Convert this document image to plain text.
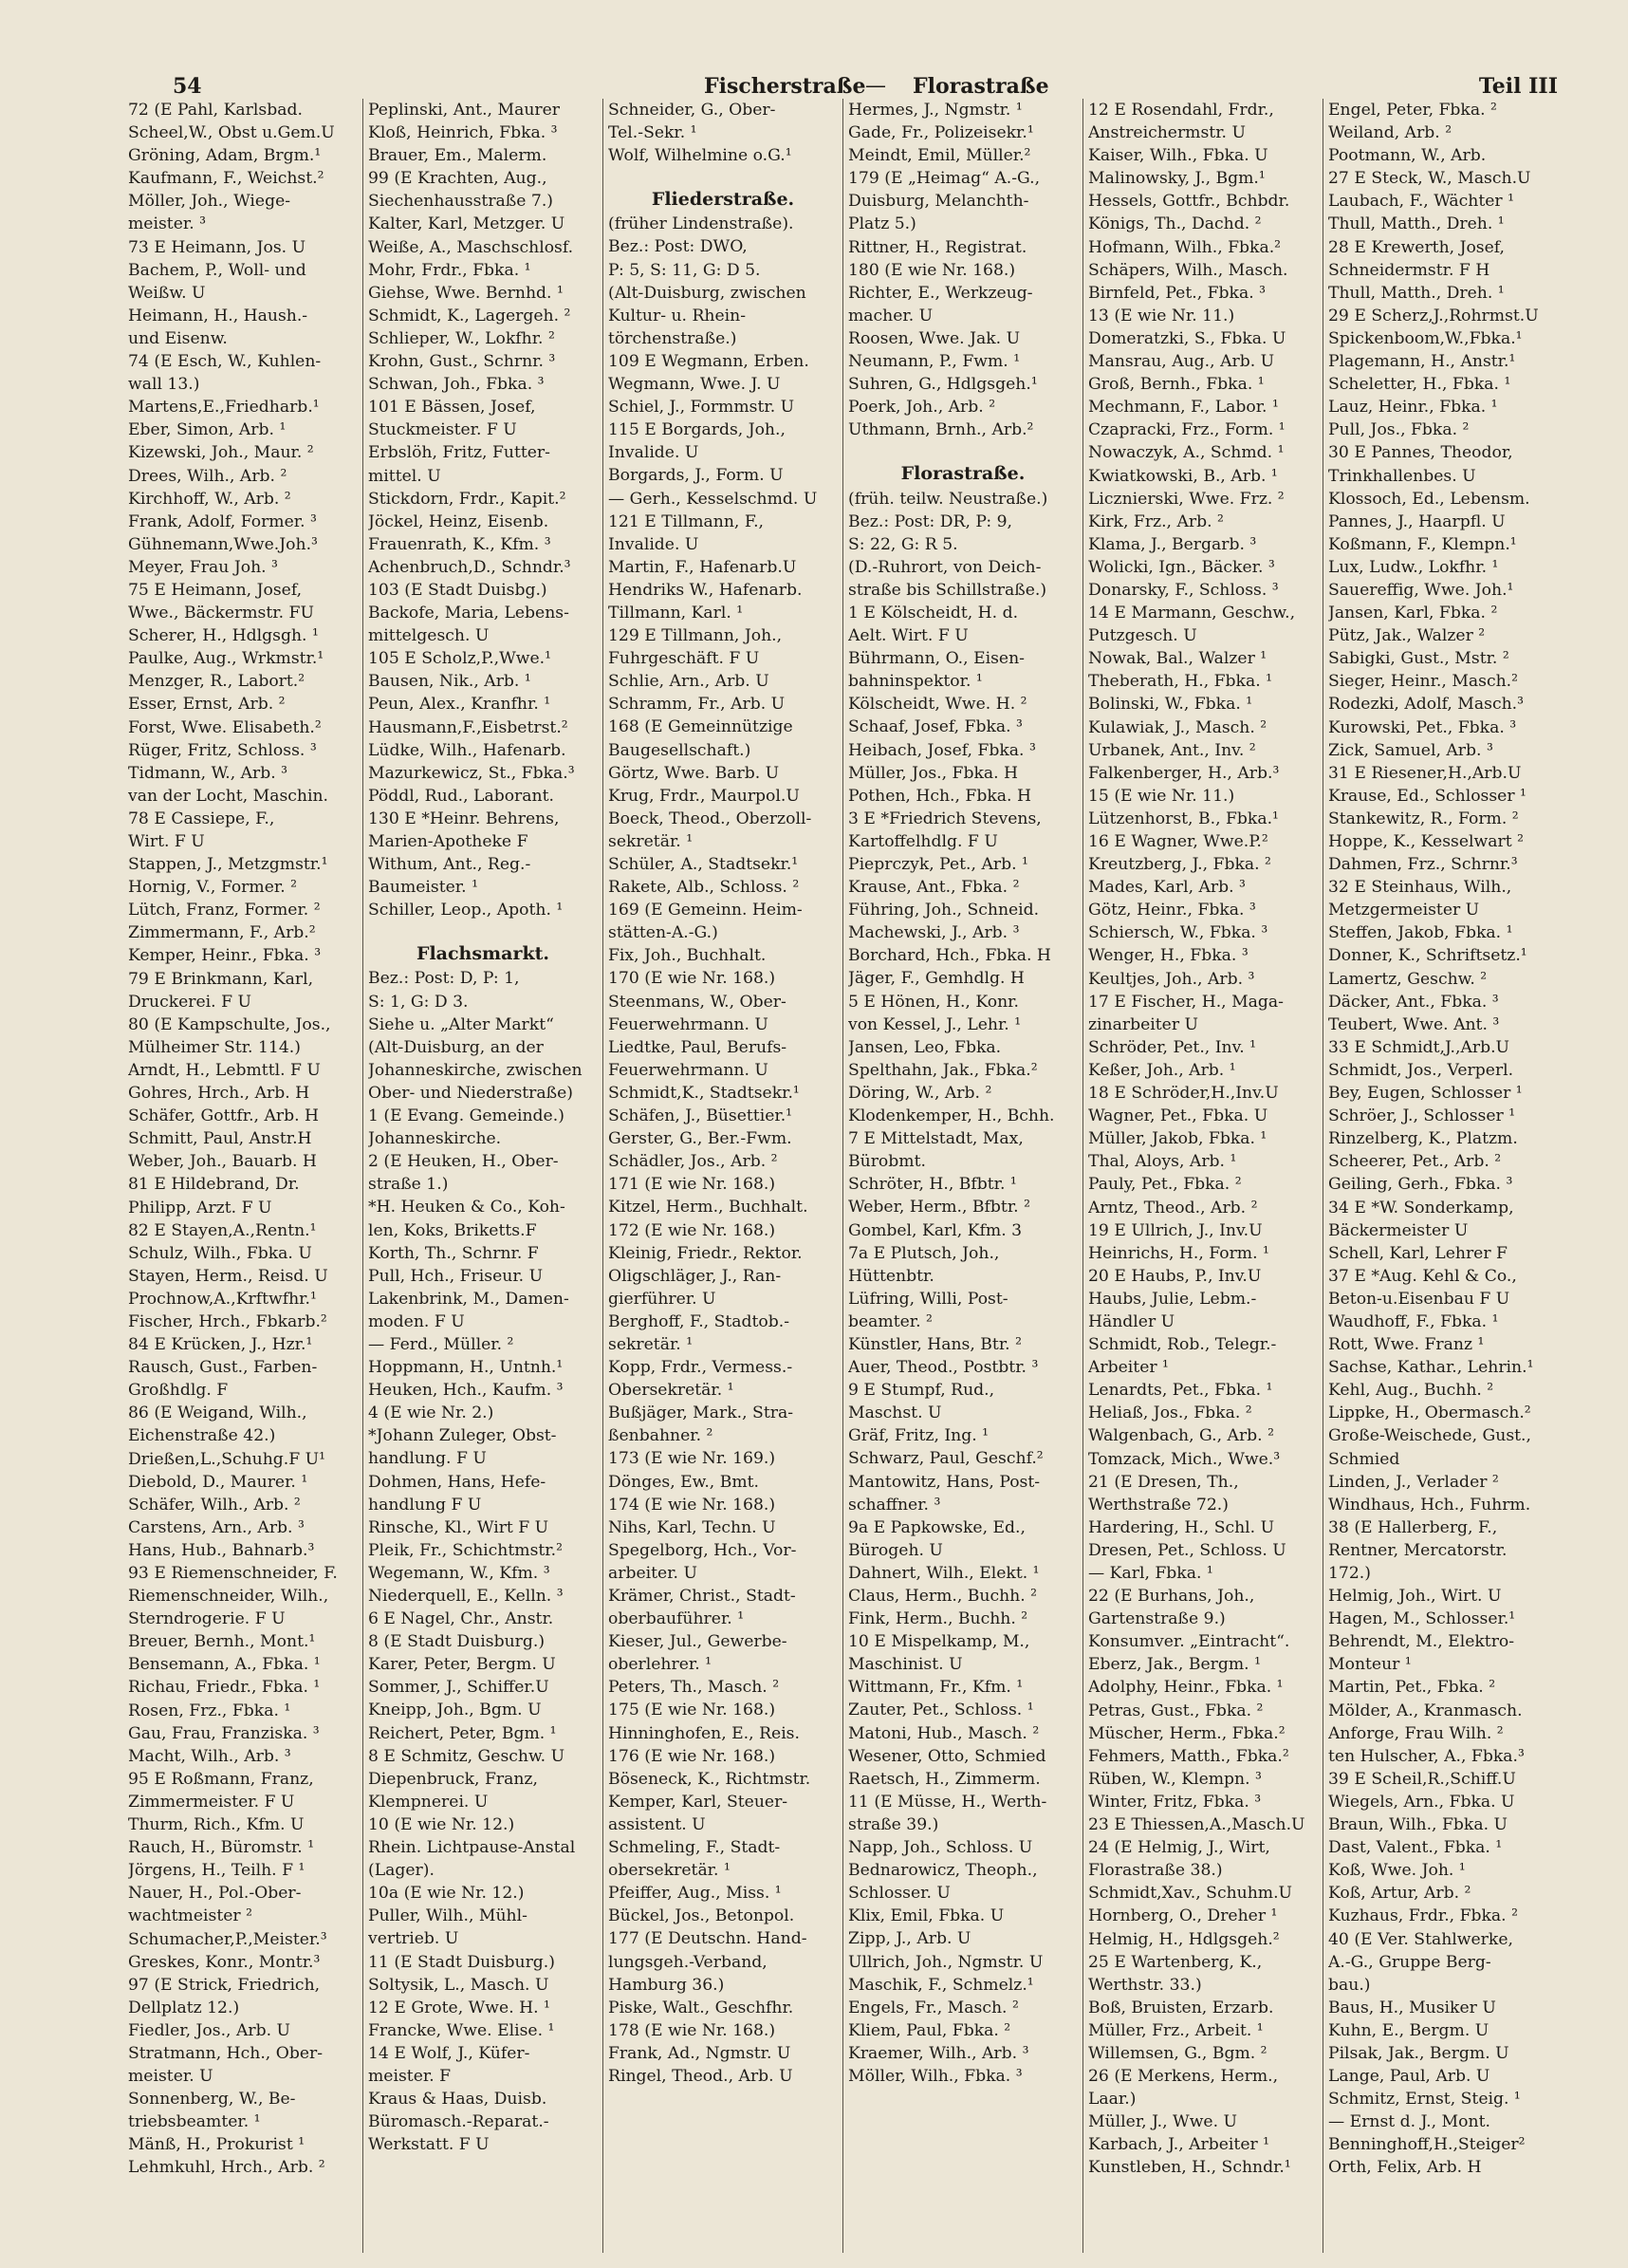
54	Fischerstraße — Florastraße	Teil III
72 (E Pahl, Karlsbad.
Scheel,W., Obst u.Gem.U
Gröning, Adam, Brgm.¹
Kaufmann, F., Weichst.²
Möller, Joh., Wiege-
meister. ³
73 E Heimann, Jos. U
Bachem, P., Woll- und
Weißw. U
Heimann, H., Haush.-
und Eisenw.
74 (E Esch, W., Kuhlen-
wall 13.)
Martens,E.,Friedharb.¹
Eber, Simon, Arb. ¹
Kizewski, Joh., Maur. ²
Drees, Wilh., Arb. ²
Kirchhoff, W., Arb. ²
Frank, Adolf, Former. ³
Gühnemann,Wwe.Joh.³
Meyer, Frau Joh. ³
75 E Heimann, Josef,
Wwe., Bäckermstr. FU
Scherer, H., Hdlgsgh. ¹
Paulke, Aug., Wrkmstr.¹
Menzger, R., Labort.²
Esser, Ernst, Arb. ²
Forst, Wwe. Elisabeth.²
Rüger, Fritz, Schloss. ³
Tidmann, W., Arb. ³
van der Locht, Maschin.
78 E Cassiepe, F.,
Wirt. F U
Stappen, J., Metzgmstr.¹
Hornig, V., Former. ²
Lütch, Franz, Former. ²
Zimmermann, F., Arb.²
Kemper, Heinr., Fbka. ³
79 E Brinkmann, Karl,
Druckerei. F U
80 (E Kampschulte, Jos.,
Mülheimer Str. 114.)
Arndt, H., Lebmttl. F U
Gohres, Hrch., Arb. H
Schäfer, Gottfr., Arb. H
Schmitt, Paul, Anstr.H
Weber, Joh., Bauarb. H
81 E Hildebrand, Dr.
Philipp, Arzt. F U
82 E Stayen,A.,Rentn.¹
Schulz, Wilh., Fbka. U
Stayen, Herm., Reisd. U
Prochnow,A.,Krftwfhr.¹
Fischer, Hrch., Fbkarb.²
84 E Krücken, J., Hzr.¹
Rausch, Gust., Farben-
Großhdlg. F
86 (E Weigand, Wilh.,
Eichenstraße 42.)
Drießen,L.,Schuhg.F U¹
Diebold, D., Maurer. ¹
Schäfer, Wilh., Arb. ²
Carstens, Arn., Arb. ³
Hans, Hub., Bahnarb.³
93 E Riemenschneider, F.
Riemenschneider, Wilh.,
Sterndrogerie. F U
Breuer, Bernh., Mont.¹
Bensemann, A., Fbka. ¹
Richau, Friedr., Fbka. ¹
Rosen, Frz., Fbka. ¹
Gau, Frau, Franziska. ³
Macht, Wilh., Arb. ³
95 E Roßmann, Franz,
Zimmermeister. F U
Thurm, Rich., Kfm. U
Rauch, H., Büromstr. ¹
Jörgens, H., Teilh. F ¹
Nauer, H., Pol.-Ober-
wachtmeister ²
Schumacher,P.,Meister.³
Greskes, Konr., Montr.³
97 (E Strick, Friedrich,
Dellplatz 12.)
Fiedler, Jos., Arb. U
Stratmann, Hch., Ober-
meister. U
Sonnenberg, W., Be-
triebsbeamter. ¹
Mänß, H., Prokurist ¹
Lehmkuhl, Hrch., Arb. ²
Peplinski, Ant., Maurer
Kloß, Heinrich, Fbka. ³
Brauer, Em., Malerm.
99 (E Krachten, Aug.,
Siechenhausstraße 7.)
Kalter, Karl, Metzger. U
Weiße, A., Maschschlosf.
Mohr, Frdr., Fbka. ¹
Giehse, Wwe. Bernhd. ¹
Schmidt, K., Lagergeh. ²
Schlieper, W., Lokfhr. ²
Krohn, Gust., Schrnr. ³
Schwan, Joh., Fbka. ³
101 E Bässen, Josef,
Stuckmeister. F U
Erbslöh, Fritz, Futter-
mittel. U
Stickdorn, Frdr., Kapit.²
Jöckel, Heinz, Eisenb.
Frauenrath, K., Kfm. ³
Achenbruch,D., Schndr.³
103 (E Stadt Duisbg.)
Backofe, Maria, Lebens-
mittelgesch. U
105 E Scholz,P.,Wwe.¹
Bausen, Nik., Arb. ¹
Peun, Alex., Kranfhr. ¹
Hausmann,F.,Eisbetrst.²
Lüdke, Wilh., Hafenarb.
Mazurkewicz, St., Fbka.³
Pöddl, Rud., Laborant.
130 E *Heinr. Behrens,
Marien-Apotheke F
Withum, Ant., Reg.-
Baumeister. ¹
Schiller, Leop., Apoth. ¹
Flachsmarkt.
Bez.: Post: D, P: 1,
S: 1, G: D 3.
Siehe u. „Alter Markt“
(Alt-Duisburg, an der
Johanneskirche, zwischen
Ober- und Niederstraße)
1 (E Evang. Gemeinde.)
Johanneskirche.
2 (E Heuken, H., Ober-
straße 1.)
*H. Heuken & Co., Koh-
len, Koks, Briketts.F
Korth, Th., Schrnr. F
Pull, Hch., Friseur. U
Lakenbrink, M., Damen-
moden. F U
— Ferd., Müller. ²
Hoppmann, H., Untnh.¹
Heuken, Hch., Kaufm. ³
4 (E wie Nr. 2.)
*Johann Zuleger, Obst-
handlung. F U
Dohmen, Hans, Hefe-
handlung F U
Rinsche, Kl., Wirt F U
Pleik, Fr., Schichtmstr.²
Wegemann, W., Kfm. ³
Niederquell, E., Kelln. ³
6 E Nagel, Chr., Anstr.
8 (E Stadt Duisburg.)
Karer, Peter, Bergm. U
Sommer, J., Schiffer.U
Kneipp, Joh., Bgm. U
Reichert, Peter, Bgm. ¹
8 E Schmitz, Geschw. U
Diepenbruck, Franz,
Klempnerei. U
10 (E wie Nr. 12.)
Rhein. Lichtpause-Anstal
(Lager).
10a (E wie Nr. 12.)
Puller, Wilh., Mühl-
vertrieb. U
11 (E Stadt Duisburg.)
Soltysik, L., Masch. U
12 E Grote, Wwe. H. ¹
Francke, Wwe. Elise. ¹
14 E Wolf, J., Küfer-
meister. F
Kraus & Haas, Duisb.
Büromasch.-Reparat.-
Werkstatt. F U
Schneider, G., Ober-
Tel.-Sekr. ¹
Wolf, Wilhelmine o.G.¹
Fliederstraße.
(früher Lindenstraße).
Bez.: Post: DWO,
P: 5, S: 11, G: D 5.
(Alt-Duisburg, zwischen
Kultur- u. Rhein-
törchenstraße.)
109 E Wegmann, Erben.
Wegmann, Wwe. J. U
Schiel, J., Formmstr. U
115 E Borgards, Joh.,
Invalide. U
Borgards, J., Form. U
— Gerh., Kesselschmd. U
121 E Tillmann, F.,
Invalide. U
Martin, F., Hafenarb.U
Hendriks W., Hafenarb.
Tillmann, Karl. ¹
129 E Tillmann, Joh.,
Fuhrgeschäft. F U
Schlie, Arn., Arb. U
Schramm, Fr., Arb. U
168 (E Gemeinnützige
Baugesellschaft.)
Görtz, Wwe. Barb. U
Krug, Frdr., Maurpol.U
Boeck, Theod., Oberzoll-
sekretär. ¹
Schüler, A., Stadtsekr.¹
Rakete, Alb., Schloss. ²
169 (E Gemeinn. Heim-
stätten-A.-G.)
Fix, Joh., Buchhalt.
170 (E wie Nr. 168.)
Steenmans, W., Ober-
Feuerwehrmann. U
Liedtke, Paul, Berufs-
Feuerwehrmann. U
Schmidt,K., Stadtsekr.¹
Schäfen, J., Büsettier.¹
Gerster, G., Ber.-Fwm.
Schädler, Jos., Arb. ²
171 (E wie Nr. 168.)
Kitzel, Herm., Buchhalt.
172 (E wie Nr. 168.)
Kleinig, Friedr., Rektor.
Oligschläger, J., Ran-
gierführer. U
Berghoff, F., Stadtob.-
sekretär. ¹
Kopp, Frdr., Vermess.-
Obersekretär. ¹
Bußjäger, Mark., Stra-
ßenbahner. ²
173 (E wie Nr. 169.)
Dönges, Ew., Bmt.
174 (E wie Nr. 168.)
Nihs, Karl, Techn. U
Spegelborg, Hch., Vor-
arbeiter. U
Krämer, Christ., Stadt-
oberbauführer. ¹
Kieser, Jul., Gewerbe-
oberlehrer. ¹
Peters, Th., Masch. ²
175 (E wie Nr. 168.)
Hinninghofen, E., Reis.
176 (E wie Nr. 168.)
Böseneck, K., Richtmstr.
Kemper, Karl, Steuer-
assistent. U
Schmeling, F., Stadt-
obersekretär. ¹
Pfeiffer, Aug., Miss. ¹
Bückel, Jos., Betonpol.
177 (E Deutschn. Hand-
lungsgeh.-Verband,
Hamburg 36.)
Piske, Walt., Geschfhr.
178 (E wie Nr. 168.)
Frank, Ad., Ngmstr. U
Ringel, Theod., Arb. U
Hermes, J., Ngmstr. ¹
Gade, Fr., Polizeisekr.¹
Meindt, Emil, Müller.²
179 (E „Heimag“ A.-G.,
Duisburg, Melanchth-
Platz 5.)
Rittner, H., Registrat.
180 (E wie Nr. 168.)
Richter, E., Werkzeug-
macher. U
Roosen, Wwe. Jak. U
Neumann, P., Fwm. ¹
Suhren, G., Hdlgsgeh.¹
Poerk, Joh., Arb. ²
Uthmann, Brnh., Arb.²
Florastraße.
(früh. teilw. Neustraße.)
Bez.: Post: DR, P: 9,
S: 22, G: R 5.
(D.-Ruhrort, von Deich-
straße bis Schillstraße.)
1 E Kölscheidt, H. d.
Aelt. Wirt. F U
Bührmann, O., Eisen-
bahninspektor. ¹
Kölscheidt, Wwe. H. ²
Schaaf, Josef, Fbka. ³
Heibach, Josef, Fbka. ³
Müller, Jos., Fbka. H
Pothen, Hch., Fbka. H
3 E *Friedrich Stevens,
Kartoffelhdlg. F U
Pieprczyk, Pet., Arb. ¹
Krause, Ant., Fbka. ²
Führing, Joh., Schneid.
Machewski, J., Arb. ³
Borchard, Hch., Fbka. H
Jäger, F., Gemhdlg. H
5 E Hönen, H., Konr.
von Kessel, J., Lehr. ¹
Jansen, Leo, Fbka.
Spelthahn, Jak., Fbka.²
Döring, W., Arb. ²
Klodenkemper, H., Bchh.
7 E Mittelstadt, Max,
Bürobmt.
Schröter, H., Bfbtr. ¹
Weber, Herm., Bfbtr. ²
Gombel, Karl, Kfm. 3
7a E Plutsch, Joh.,
Hüttenbtr.
Lüfring, Willi, Post-
beamter. ²
Künstler, Hans, Btr. ²
Auer, Theod., Postbtr. ³
9 E Stumpf, Rud.,
Maschst. U
Gräf, Fritz, Ing. ¹
Schwarz, Paul, Geschf.²
Mantowitz, Hans, Post-
schaffner. ³
9a E Papkowske, Ed.,
Bürogeh. U
Dahnert, Wilh., Elekt. ¹
Claus, Herm., Buchh. ²
Fink, Herm., Buchh. ²
10 E Mispelkamp, M.,
Maschinist. U
Wittmann, Fr., Kfm. ¹
Zauter, Pet., Schloss. ¹
Matoni, Hub., Masch. ²
Wesener, Otto, Schmied
Raetsch, H., Zimmerm.
11 (E Müsse, H., Werth-
straße 39.)
Napp, Joh., Schloss. U
Bednarowicz, Theoph.,
Schlosser. U
Klix, Emil, Fbka. U
Zipp, J., Arb. U
Ullrich, Joh., Ngmstr. U
Maschik, F., Schmelz.¹
Engels, Fr., Masch. ²
Kliem, Paul, Fbka. ²
Kraemer, Wilh., Arb. ³
Möller, Wilh., Fbka. ³
12 E Rosendahl, Frdr.,
Anstreichermstr. U
Kaiser, Wilh., Fbka. U
Malinowsky, J., Bgm.¹
Hessels, Gottfr., Bchbdr.
Königs, Th., Dachd. ²
Hofmann, Wilh., Fbka.²
Schäpers, Wilh., Masch.
Birnfeld, Pet., Fbka. ³
13 (E wie Nr. 11.)
Domeratzki, S., Fbka. U
Mansrau, Aug., Arb. U
Groß, Bernh., Fbka. ¹
Mechmann, F., Labor. ¹
Czapracki, Frz., Form. ¹
Nowaczyk, A., Schmd. ¹
Kwiatkowski, B., Arb. ¹
Licznierski, Wwe. Frz. ²
Kirk, Frz., Arb. ²
Klama, J., Bergarb. ³
Wolicki, Ign., Bäcker. ³
Donarsky, F., Schloss. ³
14 E Marmann, Geschw.,
Putzgesch. U
Nowak, Bal., Walzer ¹
Theberath, H., Fbka. ¹
Bolinski, W., Fbka. ¹
Kulawiak, J., Masch. ²
Urbanek, Ant., Inv. ²
Falkenberger, H., Arb.³
15 (E wie Nr. 11.)
Lützenhorst, B., Fbka.¹
16 E Wagner, Wwe.P.²
Kreutzberg, J., Fbka. ²
Mades, Karl, Arb. ³
Götz, Heinr., Fbka. ³
Schiersch, W., Fbka. ³
Wenger, H., Fbka. ³
Keultjes, Joh., Arb. ³
17 E Fischer, H., Maga-
zinarbeiter U
Schröder, Pet., Inv. ¹
Keßer, Joh., Arb. ¹
18 E Schröder,H.,Inv.U
Wagner, Pet., Fbka. U
Müller, Jakob, Fbka. ¹
Thal, Aloys, Arb. ¹
Pauly, Pet., Fbka. ²
Arntz, Theod., Arb. ²
19 E Ullrich, J., Inv.U
Heinrichs, H., Form. ¹
20 E Haubs, P., Inv.U
Haubs, Julie, Lebm.-
Händler U
Schmidt, Rob., Telegr.-
Arbeiter ¹
Lenardts, Pet., Fbka. ¹
Heliaß, Jos., Fbka. ²
Walgenbach, G., Arb. ²
Tomzack, Mich., Wwe.³
21 (E Dresen, Th.,
Werthstraße 72.)
Hardering, H., Schl. U
Dresen, Pet., Schloss. U
— Karl, Fbka. ¹
22 (E Burhans, Joh.,
Gartenstraße 9.)
Konsumver. „Eintracht“.
Eberz, Jak., Bergm. ¹
Adolphy, Heinr., Fbka. ¹
Petras, Gust., Fbka. ²
Müscher, Herm., Fbka.²
Fehmers, Matth., Fbka.²
Rüben, W., Klempn. ³
Winter, Fritz, Fbka. ³
23 E Thiessen,A.,Masch.U
24 (E Helmig, J., Wirt,
Florastraße 38.)
Schmidt,Xav., Schuhm.U
Hornberg, O., Dreher ¹
Helmig, H., Hdlgsgeh.²
25 E Wartenberg, K.,
Werthstr. 33.)
Boß, Bruisten, Erzarb.
Müller, Frz., Arbeit. ¹
Willemsen, G., Bgm. ²
26 (E Merkens, Herm.,
Laar.)
Müller, J., Wwe. U
Karbach, J., Arbeiter ¹
Kunstleben, H., Schndr.¹
Engel, Peter, Fbka. ²
Weiland, Arb. ²
Pootmann, W., Arb.
27 E Steck, W., Masch.U
Laubach, F., Wächter ¹
Thull, Matth., Dreh. ¹
28 E Krewerth, Josef,
Schneidermstr. F H
Thull, Matth., Dreh. ¹
29 E Scherz,J.,Rohrmst.U
Spickenboom,W.,Fbka.¹
Plagemann, H., Anstr.¹
Scheletter, H., Fbka. ¹
Lauz, Heinr., Fbka. ¹
Pull, Jos., Fbka. ²
30 E Pannes, Theodor,
Trinkhallenbes. U
Klossoch, Ed., Lebensm.
Pannes, J., Haarpfl. U
Koßmann, F., Klempn.¹
Lux, Ludw., Lokfhr. ¹
Sauereffig, Wwe. Joh.¹
Jansen, Karl, Fbka. ²
Pütz, Jak., Walzer ²
Sabigki, Gust., Mstr. ²
Sieger, Heinr., Masch.²
Rodezki, Adolf, Masch.³
Kurowski, Pet., Fbka. ³
Zick, Samuel, Arb. ³
31 E Riesener,H.,Arb.U
Krause, Ed., Schlosser ¹
Stankewitz, R., Form. ²
Hoppe, K., Kesselwart ²
Dahmen, Frz., Schrnr.³
32 E Steinhaus, Wilh.,
Metzgermeister U
Steffen, Jakob, Fbka. ¹
Donner, K., Schriftsetz.¹
Lamertz, Geschw. ²
Däcker, Ant., Fbka. ³
Teubert, Wwe. Ant. ³
33 E Schmidt,J.,Arb.U
Schmidt, Jos., Verperl.
Bey, Eugen, Schlosser ¹
Schröer, J., Schlosser ¹
Rinzelberg, K., Platzm.
Scheerer, Pet., Arb. ²
Geiling, Gerh., Fbka. ³
34 E *W. Sonderkamp,
Bäckermeister U
Schell, Karl, Lehrer F
37 E *Aug. Kehl & Co.,
Beton-u.Eisenbau F U
Waudhoff, F., Fbka. ¹
Rott, Wwe. Franz ¹
Sachse, Kathar., Lehrin.¹
Kehl, Aug., Buchh. ²
Lippke, H., Obermasch.²
Große-Weischede, Gust.,
Schmied
Linden, J., Verlader ²
Windhaus, Hch., Fuhrm.
38 (E Hallerberg, F.,
Rentner, Mercatorstr.
172.)
Helmig, Joh., Wirt. U
Hagen, M., Schlosser.¹
Behrendt, M., Elektro-
Monteur ¹
Martin, Pet., Fbka. ²
Mölder, A., Kranmasch.
Anforge, Frau Wilh. ²
ten Hulscher, A., Fbka.³
39 E Scheil,R.,Schiff.U
Wiegels, Arn., Fbka. U
Braun, Wilh., Fbka. U
Dast, Valent., Fbka. ¹
Koß, Wwe. Joh. ¹
Koß, Artur, Arb. ²
Kuzhaus, Frdr., Fbka. ²
40 (E Ver. Stahlwerke,
A.-G., Gruppe Berg-
bau.)
Baus, H., Musiker U
Kuhn, E., Bergm. U
Pilsak, Jak., Bergm. U
Lange, Paul, Arb. U
Schmitz, Ernst, Steig. ¹
— Ernst d. J., Mont.
Benninghoff,H.,Steiger²
Orth, Felix, Arb. H
